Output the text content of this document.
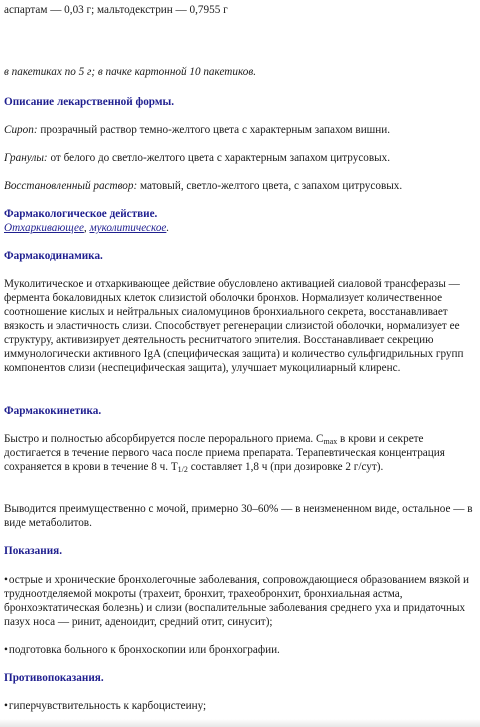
аспартам — 0,03 г; мальтодекстрин — 0,7955 г

в пакетиках по 5 г; в пачке картонной 10 пакетиков.

Описание лекарственной формы.

Сироп: прозрачный раствор темно-желтого цвета с характерным запахом вишни.

Гранулы: от белого до светло-желтого цвета с характерным запахом цитрусовых.

Восстановленный раствор: матовый, светло-желтого цвета, с запахом цитрусовых.

Фармакологическое действие.

Отхаркивающее, муколитическое.

Фармакодинамика.

Муколитическое и отхаркивающее действие обусловлено активацией сиаловой трансферазы — фермента бокаловидных клеток слизистой оболочки бронхов. Нормализует количественное соотношение кислых и нейтральных сиаломуцинов бронхиального секрета, восстанавливает вязкость и эластичность слизи. Способствует регенерации слизистой оболочки, нормализует ее структуру, активизирует деятельность реснитчатого эпителия. Восстанавливает секрецию иммунологически активного IgA (специфическая защита) и количество сульфгидрильных групп компонентов слизи (неспецифическая защита), улучшает мукоцилиарный клиренс.

Фармакокинетика.

Быстро и полностью абсорбируется после перорального приема. $C_{max}$ в крови и секрете достигается в течение первого часа после приема препарата. Терапевтическая концентрация сохраняется в крови в течение 8 ч. $T_{1/2}$ составляет 1,8 ч (при дозировке 2 г/сут).

Выводится преимущественно с мочой, примерно 30–60% — в неизмененном виде, остальное — в виде метаболитов.

Показания.

• острые и хронические бронхолегочные заболевания, сопровождающиеся образованием вязкой и трудноотделяемой мокроты (трахеит, бронхит, трахеобронхит, бронхиальная астма, бронхоэктатическая болезнь) и слизи (воспалительные заболевания среднего уха и придаточных пазух носа — ринит, аденоидит, средний отит, синусит);

• подготовка больного к бронхоскопии или бронхографии.

Противопоказания.

• гиперчувствительность к карбоцистеину;
